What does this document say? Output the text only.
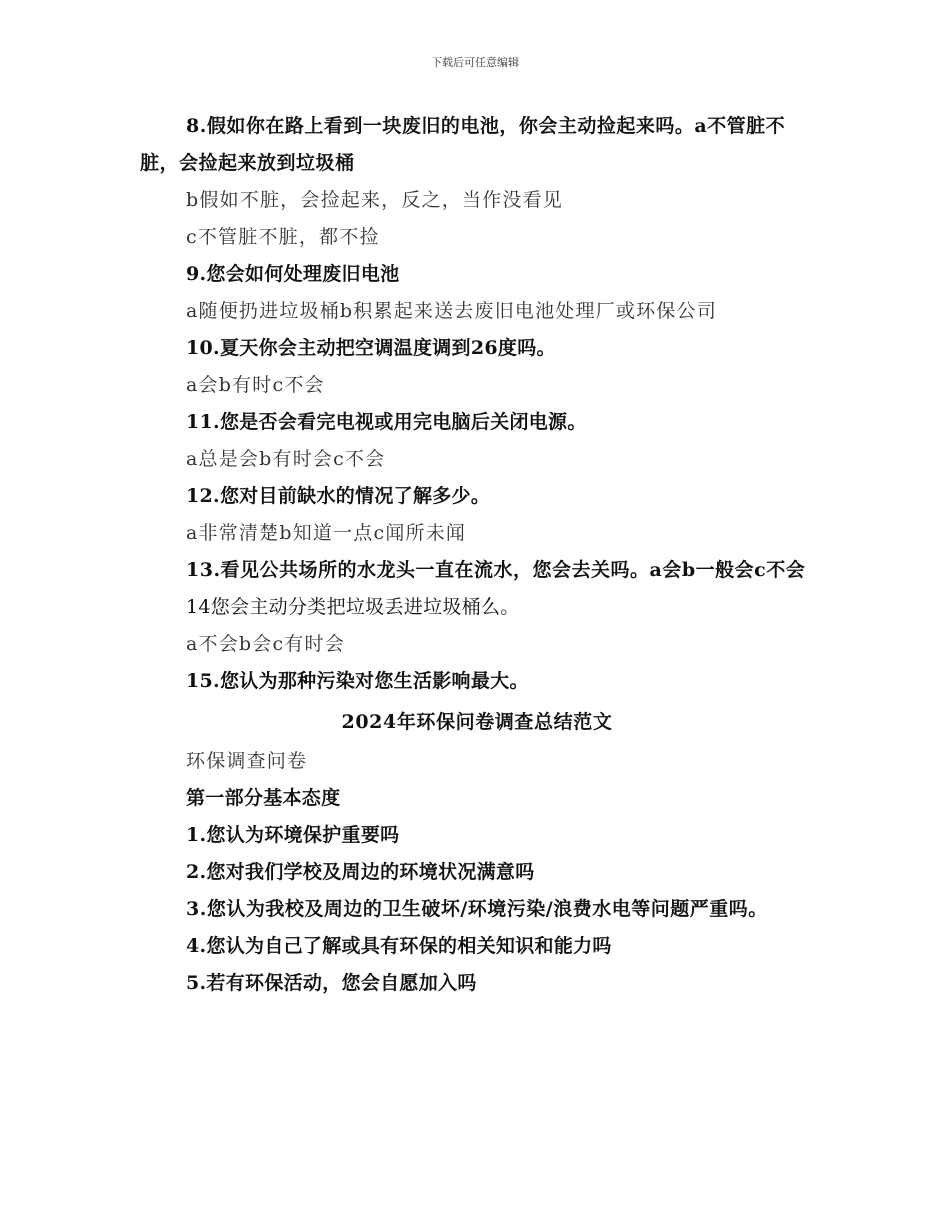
下载后可任意编辑
8.假如你在路上看到一块废旧的电池，你会主动捡起来吗。a不管脏不脏，会捡起来放到垃圾桶
b假如不脏，会捡起来，反之，当作没看见
c不管脏不脏，都不捡
9.您会如何处理废旧电池
a随便扔进垃圾桶b积累起来送去废旧电池处理厂或环保公司
10.夏天你会主动把空调温度调到26度吗。
a会b有时c不会
11.您是否会看完电视或用完电脑后关闭电源。
a总是会b有时会c不会
12.您对目前缺水的情况了解多少。
a非常清楚b知道一点c闻所未闻
13.看见公共场所的水龙头一直在流水，您会去关吗。a会b一般会c不会
14您会主动分类把垃圾丢进垃圾桶么。
a不会b会c有时会
15.您认为那种污染对您生活影响最大。
2024年环保问卷调查总结范文
环保调查问卷
第一部分基本态度
1.您认为环境保护重要吗
2.您对我们学校及周边的环境状况满意吗
3.您认为我校及周边的卫生破坏/环境污染/浪费水电等问题严重吗。
4.您认为自己了解或具有环保的相关知识和能力吗
5.若有环保活动，您会自愿加入吗
